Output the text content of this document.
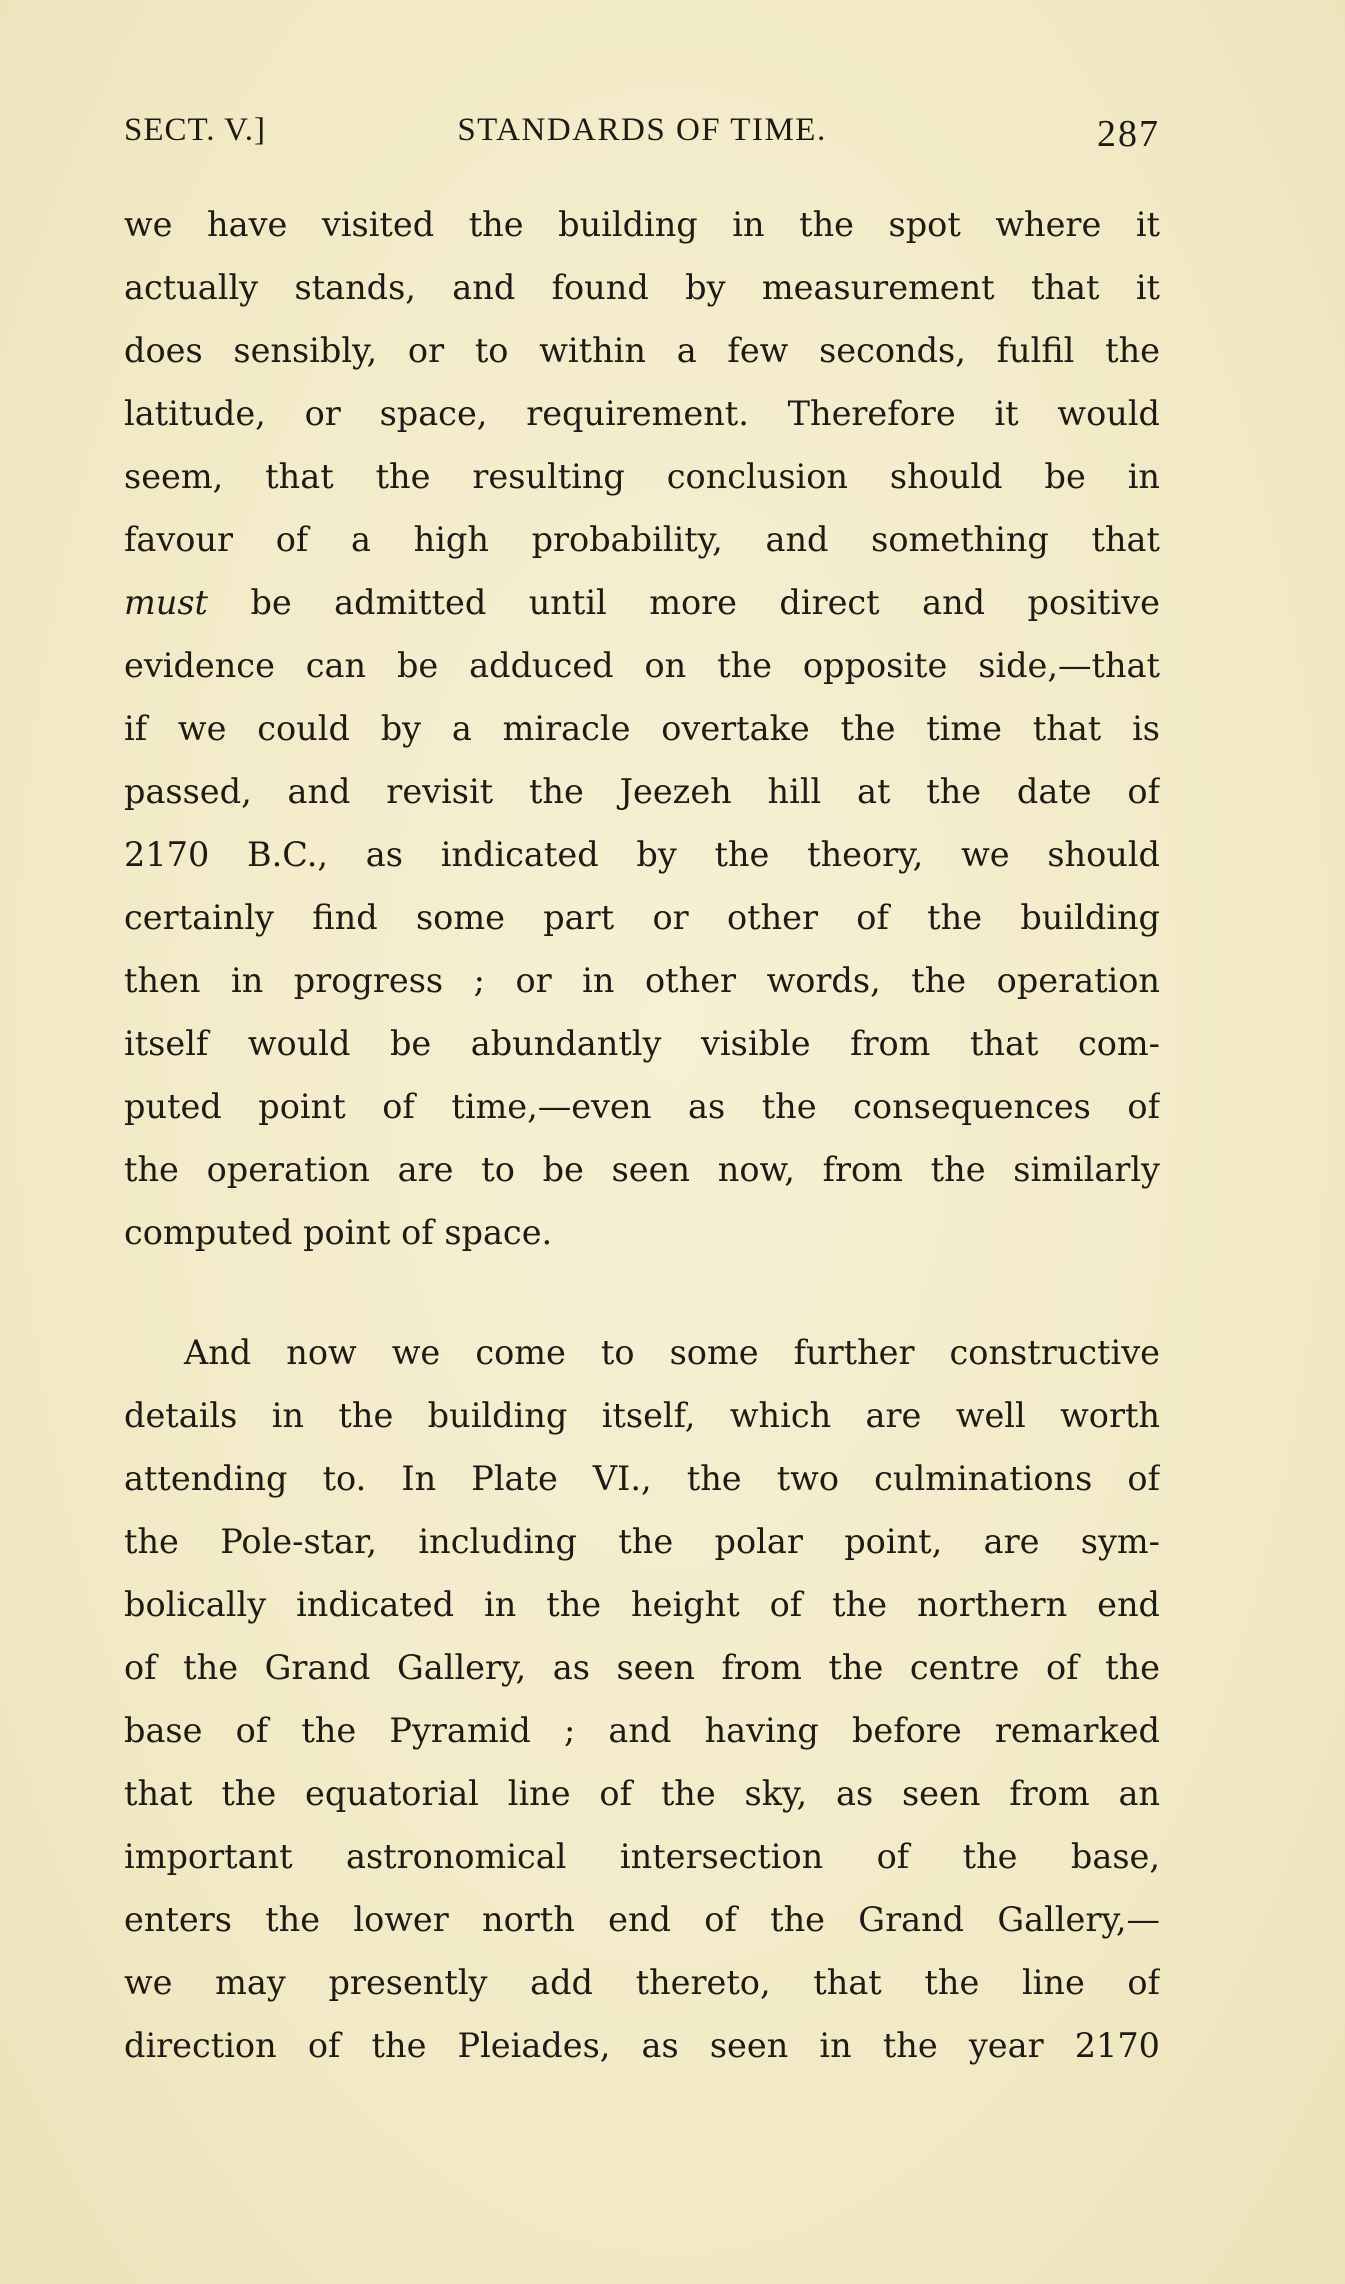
SECT. V.]	STANDARDS OF TIME.	287
we have visited the building in the spot where it
actually stands, and found by measurement that it
does sensibly, or to within a few seconds, fulfil the
latitude, or space, requirement. Therefore it would
seem, that the resulting conclusion should be in
favour of a high probability, and something that
must be admitted until more direct and positive
evidence can be adduced on the opposite side,—that
if we could by a miracle overtake the time that is
passed, and revisit the Jeezeh hill at the date of
2170 B.C., as indicated by the theory, we should
certainly find some part or other of the building
then in progress ; or in other words, the operation
itself would be abundantly visible from that com-
puted point of time,—even as the consequences of
the operation are to be seen now, from the similarly
computed point of space.
And now we come to some further constructive
details in the building itself, which are well worth
attending to. In Plate VI., the two culminations of
the Pole-star, including the polar point, are sym-
bolically indicated in the height of the northern end
of the Grand Gallery, as seen from the centre of the
base of the Pyramid ; and having before remarked
that the equatorial line of the sky, as seen from an
important astronomical intersection of the base,
enters the lower north end of the Grand Gallery,—
we may presently add thereto, that the line of
direction of the Pleiades, as seen in the year 2170
